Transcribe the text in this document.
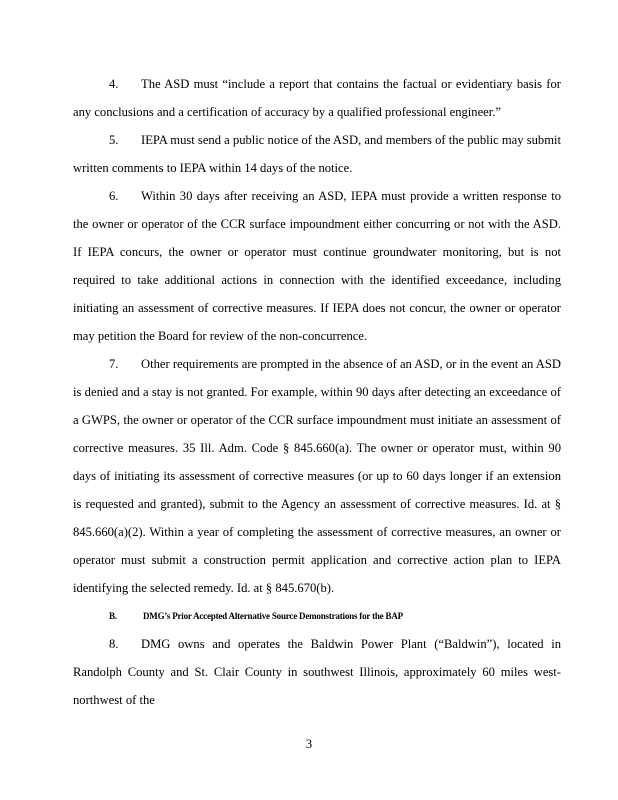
4. The ASD must “include a report that contains the factual or evidentiary basis for any conclusions and a certification of accuracy by a qualified professional engineer.”

5. IEPA must send a public notice of the ASD, and members of the public may submit written comments to IEPA within 14 days of the notice.

6. Within 30 days after receiving an ASD, IEPA must provide a written response to the owner or operator of the CCR surface impoundment either concurring or not with the ASD. If IEPA concurs, the owner or operator must continue groundwater monitoring, but is not required to take additional actions in connection with the identified exceedance, including initiating an assessment of corrective measures. If IEPA does not concur, the owner or operator may petition the Board for review of the non-concurrence.

7. Other requirements are prompted in the absence of an ASD, or in the event an ASD is denied and a stay is not granted. For example, within 90 days after detecting an exceedance of a GWPS, the owner or operator of the CCR surface impoundment must initiate an assessment of corrective measures. 35 Ill. Adm. Code § 845.660(a). The owner or operator must, within 90 days of initiating its assessment of corrective measures (or up to 60 days longer if an extension is requested and granted), submit to the Agency an assessment of corrective measures. Id. at § 845.660(a)(2). Within a year of completing the assessment of corrective measures, an owner or operator must submit a construction permit application and corrective action plan to IEPA identifying the selected remedy. Id. at § 845.670(b).

B.	DMG’s Prior Accepted Alternative Source Demonstrations for the BAP

8. DMG owns and operates the Baldwin Power Plant (“Baldwin”), located in Randolph County and St. Clair County in southwest Illinois, approximately 60 miles west-northwest of the

3
